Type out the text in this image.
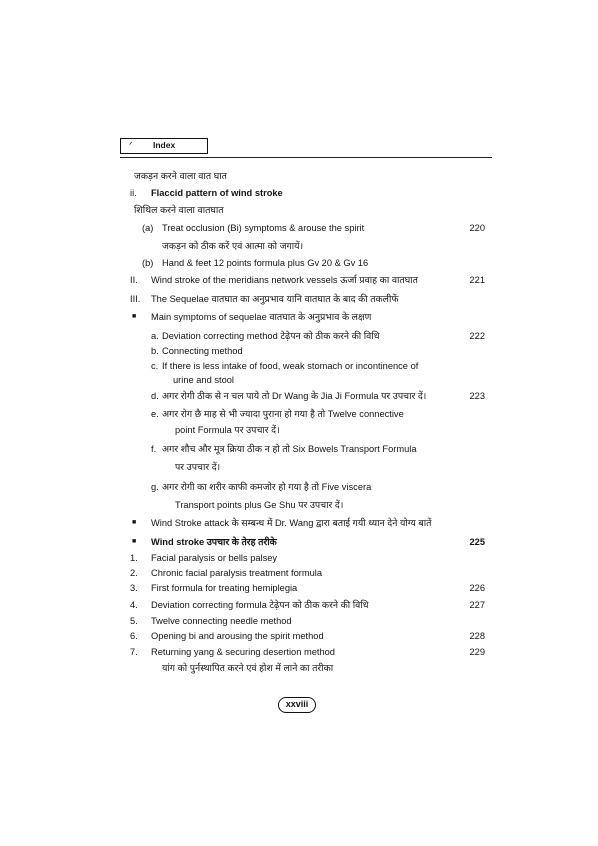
ᐟ Index
जकड़न करने वाला वात घात
ii. Flaccid pattern of wind stroke
शिथिल करने वाला वातघात
(a) Treat occlusion (Bi) symptoms & arouse the spirit	220
जकड़न को ठीक करें एवं आत्मा को जगायें।
(b) Hand & feet 12 points formula plus Gv 20 & Gv 16
II. Wind stroke of the meridians network vessels ऊर्जा प्रवाह का वातघात	221
III. The Sequelae वातघात का अनुप्रभाव यानि वातघात के बाद की तकलीफें
■ Main symptoms of sequelae वातघात के अनुप्रभाव के लक्षण
a. Deviation correcting method टेढ़ेपन को ठीक करने की विधि	222
b. Connecting method
c. If there is less intake of food, weak stomach or incontinence of
urine and stool
d. अगर रोगी ठीक से न चल पाये तो Dr Wang के Jia Ji Formula पर उपचार दें।	223
e. अगर रोग छै माह से भी ज्यादा पुराना हो गया है तो Twelve connective
point Formula पर उपचार दें।
f. अगर शौच और मूत्र क्रिया ठीक न हो तो Six Bowels Transport Formula
पर उपचार दें।
g. अगर रोगी का शरीर काफी कमजोर हो गया है तो Five viscera
Transport points plus Ge Shu पर उपचार दें।
■ Wind Stroke attack के सम्बन्ध में Dr. Wang द्वारा बताई गयी ध्यान देने योग्य बातें
■ Wind stroke उपचार के तेरह तरीके	225
1. Facial paralysis or bells palsey
2. Chronic facial paralysis treatment formula
3. First formula for treating hemiplegia	226
4. Deviation correcting formula टेढ़ेपन को ठीक करने की विधि	227
5. Twelve connecting needle method
6. Opening bi and arousing the spirit method	228
7. Returning yang & securing desertion method	229
यांग को पुर्नस्थापित करने एवं होश में लाने का तरीका
xxviii
